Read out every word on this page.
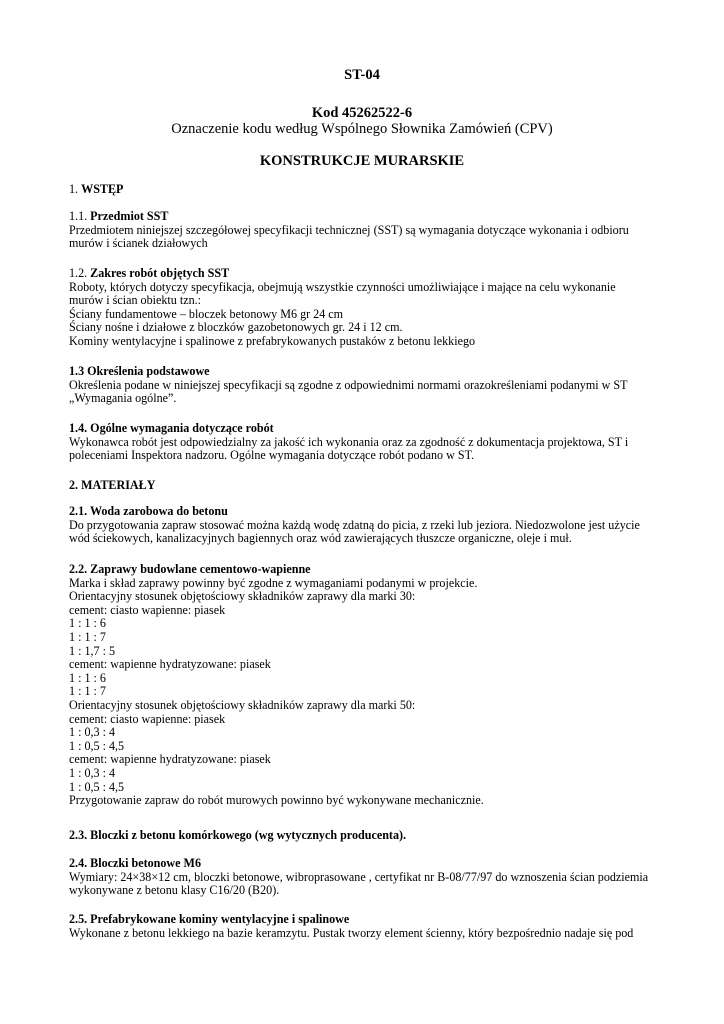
ST-04
Kod 45262522-6
Oznaczenie kodu według Wspólnego Słownika Zamówień (CPV)
KONSTRUKCJE MURARSKIE
1. WSTĘP
1.1. Przedmiot SST
Przedmiotem niniejszej szczegółowej specyfikacji technicznej (SST) są wymagania dotyczące wykonania i odbioru
murów i ścianek działowych
1.2. Zakres robót objętych SST
Roboty, których dotyczy specyfikacja, obejmują wszystkie czynności umożliwiające i mające na celu wykonanie
murów i ścian obiektu tzn.:
Ściany fundamentowe – bloczek betonowy M6 gr 24 cm
Ściany nośne i działowe z bloczków gazobetonowych gr. 24 i 12 cm.
Kominy wentylacyjne i spalinowe z prefabrykowanych pustaków z betonu lekkiego
1.3 Określenia podstawowe
Określenia podane w niniejszej specyfikacji są zgodne z odpowiednimi normami orazokreśleniami podanymi w ST
„Wymagania ogólne”.
1.4. Ogólne wymagania dotyczące robót
Wykonawca robót jest odpowiedzialny za jakość ich wykonania oraz za zgodność z dokumentacja projektowa, ST i
poleceniami Inspektora nadzoru. Ogólne wymagania dotyczące robót podano w ST.
2. MATERIAŁY
2.1. Woda zarobowa do betonu
Do przygotowania zapraw stosować można każdą wodę zdatną do picia, z rzeki lub jeziora. Niedozwolone jest użycie
wód ściekowych, kanalizacyjnych bagiennych oraz wód zawierających tłuszcze organiczne, oleje i muł.
2.2. Zaprawy budowlane cementowo-wapienne
Marka i skład zaprawy powinny być zgodne z wymaganiami podanymi w projekcie.
Orientacyjny stosunek objętościowy składników zaprawy dla marki 30:
cement: ciasto wapienne: piasek
1 : 1 : 6
1 : 1 : 7
1 : 1,7 : 5
cement: wapienne hydratyzowane: piasek
1 : 1 : 6
1 : 1 : 7
Orientacyjny stosunek objętościowy składników zaprawy dla marki 50:
cement: ciasto wapienne: piasek
1 : 0,3 : 4
1 : 0,5 : 4,5
cement: wapienne hydratyzowane: piasek
1 : 0,3 : 4
1 : 0,5 : 4,5
Przygotowanie zapraw do robót murowych powinno być wykonywane mechanicznie.
2.3. Bloczki z betonu komórkowego (wg wytycznych producenta).
2.4. Bloczki betonowe M6
Wymiary: 24×38×12 cm, bloczki betonowe, wibroprasowane , certyfikat nr B-08/77/97 do wznoszenia ścian podziemia
wykonywane z betonu klasy C16/20 (B20).
2.5. Prefabrykowane kominy wentylacyjne i spalinowe
Wykonane z betonu lekkiego na bazie keramzytu. Pustak tworzy element ścienny, który bezpośrednio nadaje się pod
